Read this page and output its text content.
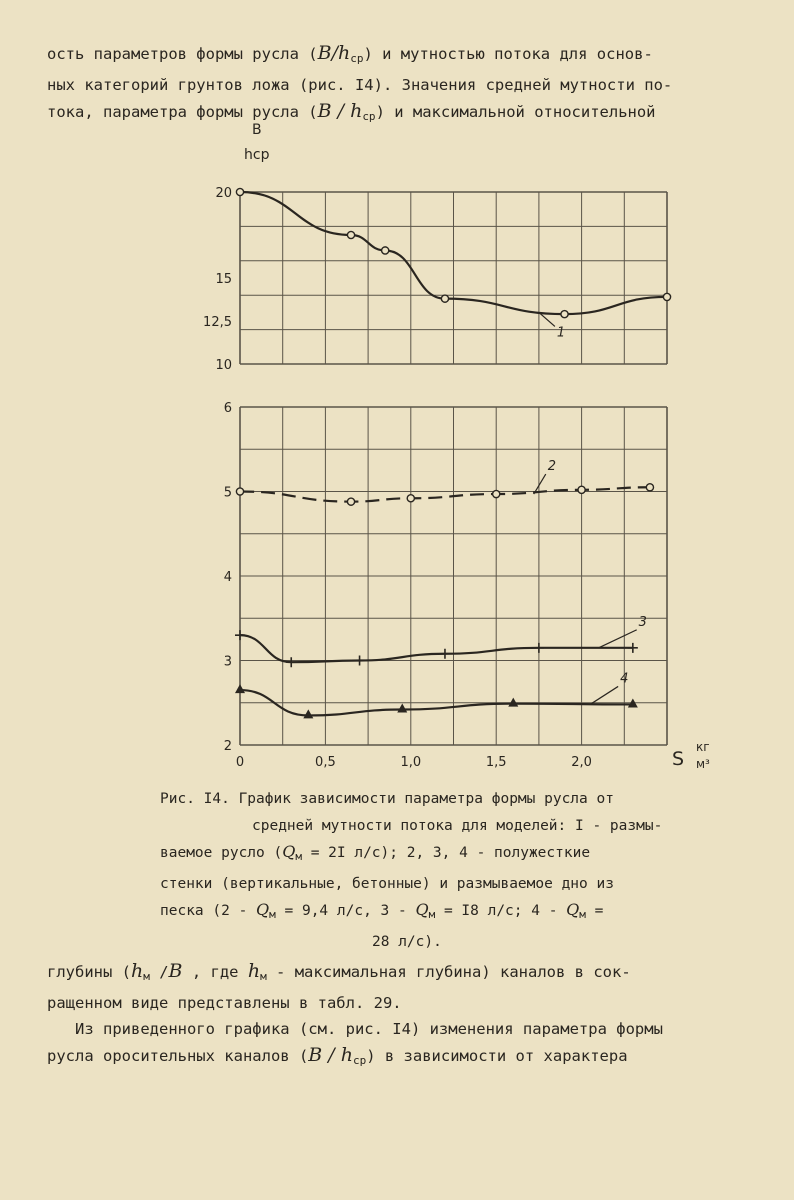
ость параметров формы русла $(B/h_{ср})$ и мутностью потока для основ-
ных категорий грунтов ложа (рис. I4). Значения средней мутности по-
тока, параметра формы русла $(B / h_{ср})$ и максимальной относительной
B
hср
20
15
12,5
10
1
6
5
4
3
2
0	0,5	1,0	1,5	2,0
2
3
4
S
кг
м³
Рис. I4. График зависимости параметра формы русла от
средней мутности потока для моделей: I - размы-
ваемое русло ($Q_м = 2I$ л/с); 2, 3, 4 - полужесткие
стенки (вертикальные, бетонные) и размываемое дно из
песка ($2 - Q_м = 9,4$ л/с, $3 - Q_м = I8$ л/с; $4 - Q_м$ =
28 л/с).
глубины ($h_м$ /B , где $h_м$ - максимальная глубина) каналов в сок-
ращенном виде представлены в табл. 29.
Из приведенного графика (см. рис. I4) изменения параметра формы
русла оросительных каналов $(B / h_{ср})$ в зависимости от характера
